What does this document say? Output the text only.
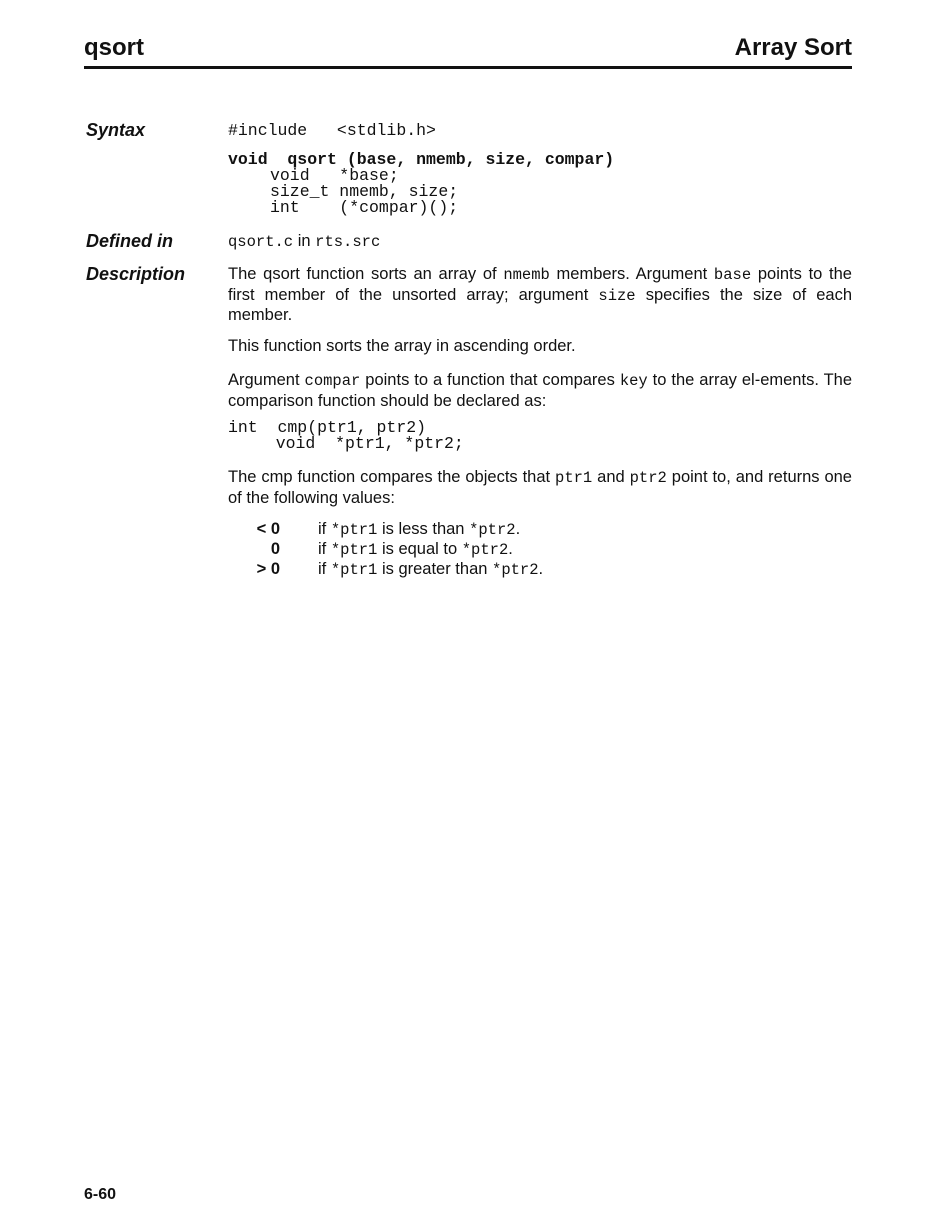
qsort	Array Sort
Syntax	#include   <stdlib.h>
void  qsort (base, nmemb, size, compar)
void   *base;
size_t nmemb, size;
int    (*compar)();
Defined in	qsort.c in rts.src

Description	The qsort function sorts an array of nmemb members. Argument base points to the first member of the unsorted array; argument size specifies the size of each member.

This function sorts the array in ascending order.

Argument compar points to a function that compares key to the array el-ements. The comparison function should be declared as:

int  cmp(ptr1, ptr2)
void  *ptr1, *ptr2;

The cmp function compares the objects that ptr1 and ptr2 point to, and returns one of the following values:

< 0 if *ptr1 is less than *ptr2.
0 if *ptr1 is equal to *ptr2.
> 0 if *ptr1 is greater than *ptr2.
6-60
